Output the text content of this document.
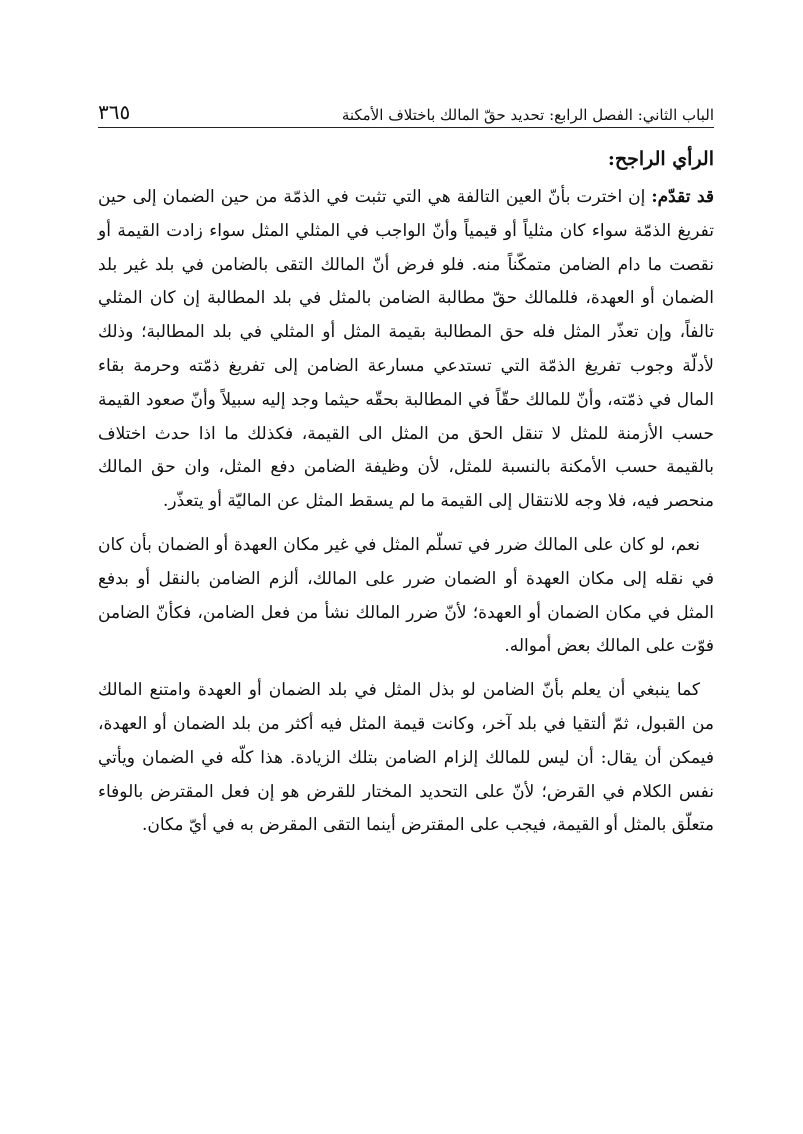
الباب الثاني: الفصل الرابع: تحديد حقّ المالك باختلاف الأمكنة
٣٦٥
الرأي الراجح:

قد تقدّم: إن اخترت بأنّ العين التالفة هي التي تثبت في الذمّة من حين الضمان إلى حين تفريغ الذمّة سواء كان مثلياً أو قيمياً وأنّ الواجب في المثلي المثل سواء زادت القيمة أو نقصت ما دام الضامن متمكّناً منه. فلو فرض أنّ المالك التقى بالضامن في بلد غير بلد الضمان أو العهدة، فللمالك حقّ مطالبة الضامن بالمثل في بلد المطالبة إن كان المثلي تالفاً، وإن تعذّر المثل فله حق المطالبة بقيمة المثل أو المثلي في بلد المطالبة؛ وذلك لأدلّة وجوب تفريغ الذمّة التي تستدعي مسارعة الضامن إلى تفريغ ذمّته وحرمة بقاء المال في ذمّته، وأنّ للمالك حقّاً في المطالبة بحقّه حيثما وجد إليه سبيلاً وأنّ صعود القيمة حسب الأزمنة للمثل لا تنقل الحق من المثل الى القيمة، فكذلك ما اذا حدث اختلاف بالقيمة حسب الأمكنة بالنسبة للمثل، لأن وظيفة الضامن دفع المثل، وان حق المالك منحصر فيه، فلا وجه للانتقال إلى القيمة ما لم يسقط المثل عن الماليّة أو يتعذّر.

نعم، لو كان على المالك ضرر في تسلّم المثل في غير مكان العهدة أو الضمان بأن كان في نقله إلى مكان العهدة أو الضمان ضرر على المالك، ألزم الضامن بالنقل أو بدفع المثل في مكان الضمان أو العهدة؛ لأنّ ضرر المالك نشأ من فعل الضامن، فكأنّ الضامن فوّت على المالك بعض أمواله.

كما ينبغي أن يعلم بأنّ الضامن لو بذل المثل في بلد الضمان أو العهدة وامتنع المالك من القبول، ثمّ ألتقيا في بلد آخر، وكانت قيمة المثل فيه أكثر من بلد الضمان أو العهدة، فيمكن أن يقال: أن ليس للمالك إلزام الضامن بتلك الزيادة. هذا كلّه في الضمان ويأتي نفس الكلام في القرض؛ لأنّ على التحديد المختار للقرض هو إن فعل المقترض بالوفاء متعلّق بالمثل أو القيمة، فيجب على المقترض أينما التقى المقرض به في أيّ مكان.
